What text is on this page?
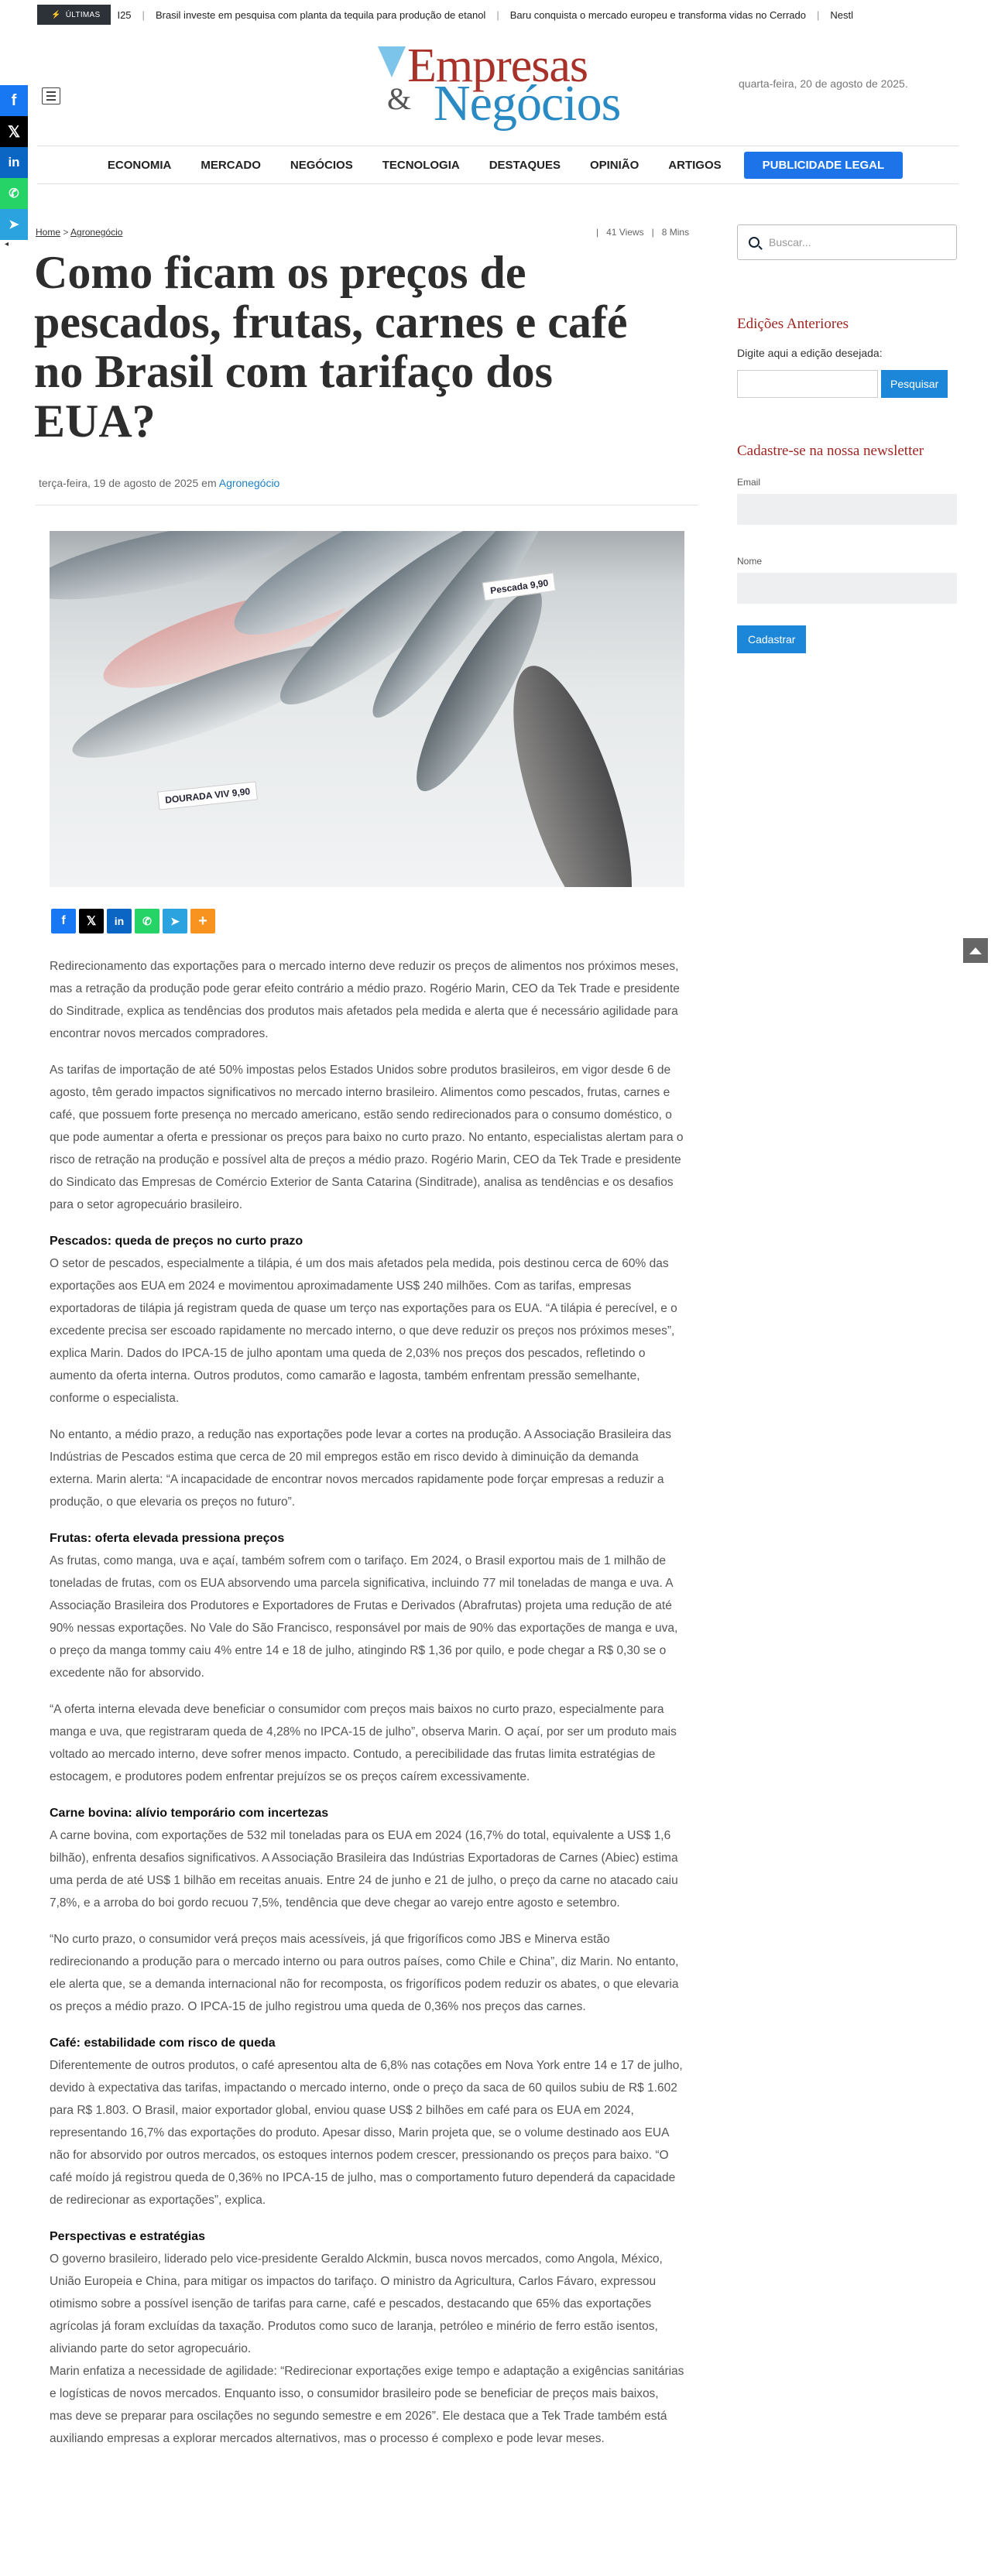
⚡ ÚLTIMAS I25 | Brasil investe em pesquisa com planta da tequila para produção de etanol | Baru conquista o mercado europeu e transforma vidas no Cerrado | Nestl
f
𝕏
in
✆
➤
◂
Empresas
& Negócios	quarta-feira, 20 de agosto de 2025.
ECONOMIA	MERCADO	NEGÓCIOS	TECNOLOGIA	DESTAQUES	OPINIÃO	ARTIGOS	PUBLICIDADE LEGAL
Home > Agronegócio	| 41 Views | 8 Mins
Como ficam os preços de pescados, frutas, carnes e café no Brasil com tarifaço dos EUA?
terça-feira, 19 de agosto de 2025 em Agronegócio
Pescada 9,90
DOURADA VIV 9,90
f	𝕏	in	✆	➤	+

Redirecionamento das exportações para o mercado interno deve reduzir os preços de alimentos nos próximos meses, mas a retração da produção pode gerar efeito contrário a médio prazo. Rogério Marin, CEO da Tek Trade e presidente do Sinditrade, explica as tendências dos produtos mais afetados pela medida e alerta que é necessário agilidade para encontrar novos mercados compradores.

As tarifas de importação de até 50% impostas pelos Estados Unidos sobre produtos brasileiros, em vigor desde 6 de agosto, têm gerado impactos significativos no mercado interno brasileiro. Alimentos como pescados, frutas, carnes e café, que possuem forte presença no mercado americano, estão sendo redirecionados para o consumo doméstico, o que pode aumentar a oferta e pressionar os preços para baixo no curto prazo. No entanto, especialistas alertam para o risco de retração na produção e possível alta de preços a médio prazo. Rogério Marin, CEO da Tek Trade e presidente do Sindicato das Empresas de Comércio Exterior de Santa Catarina (Sinditrade), analisa as tendências e os desafios para o setor agropecuário brasileiro.

Pescados: queda de preços no curto prazo

O setor de pescados, especialmente a tilápia, é um dos mais afetados pela medida, pois destinou cerca de 60% das exportações aos EUA em 2024 e movimentou aproximadamente US$ 240 milhões. Com as tarifas, empresas exportadoras de tilápia já registram queda de quase um terço nas exportações para os EUA. “A tilápia é perecível, e o excedente precisa ser escoado rapidamente no mercado interno, o que deve reduzir os preços nos próximos meses”, explica Marin. Dados do IPCA-15 de julho apontam uma queda de 2,03% nos preços dos pescados, refletindo o aumento da oferta interna. Outros produtos, como camarão e lagosta, também enfrentam pressão semelhante, conforme o especialista.

No entanto, a médio prazo, a redução nas exportações pode levar a cortes na produção. A Associação Brasileira das Indústrias de Pescados estima que cerca de 20 mil empregos estão em risco devido à diminuição da demanda externa. Marin alerta: “A incapacidade de encontrar novos mercados rapidamente pode forçar empresas a reduzir a produção, o que elevaria os preços no futuro”.

Frutas: oferta elevada pressiona preços

As frutas, como manga, uva e açaí, também sofrem com o tarifaço. Em 2024, o Brasil exportou mais de 1 milhão de toneladas de frutas, com os EUA absorvendo uma parcela significativa, incluindo 77 mil toneladas de manga e uva. A Associação Brasileira dos Produtores e Exportadores de Frutas e Derivados (Abrafrutas) projeta uma redução de até 90% nessas exportações. No Vale do São Francisco, responsável por mais de 90% das exportações de manga e uva, o preço da manga tommy caiu 4% entre 14 e 18 de julho, atingindo R$ 1,36 por quilo, e pode chegar a R$ 0,30 se o excedente não for absorvido.

“A oferta interna elevada deve beneficiar o consumidor com preços mais baixos no curto prazo, especialmente para manga e uva, que registraram queda de 4,28% no IPCA-15 de julho”, observa Marin. O açaí, por ser um produto mais voltado ao mercado interno, deve sofrer menos impacto. Contudo, a perecibilidade das frutas limita estratégias de estocagem, e produtores podem enfrentar prejuízos se os preços caírem excessivamente.

Carne bovina: alívio temporário com incertezas

A carne bovina, com exportações de 532 mil toneladas para os EUA em 2024 (16,7% do total, equivalente a US$ 1,6 bilhão), enfrenta desafios significativos. A Associação Brasileira das Indústrias Exportadoras de Carnes (Abiec) estima uma perda de até US$ 1 bilhão em receitas anuais. Entre 24 de junho e 21 de julho, o preço da carne no atacado caiu 7,8%, e a arroba do boi gordo recuou 7,5%, tendência que deve chegar ao varejo entre agosto e setembro.

“No curto prazo, o consumidor verá preços mais acessíveis, já que frigoríficos como JBS e Minerva estão redirecionando a produção para o mercado interno ou para outros países, como Chile e China”, diz Marin. No entanto, ele alerta que, se a demanda internacional não for recomposta, os frigoríficos podem reduzir os abates, o que elevaria os preços a médio prazo. O IPCA-15 de julho registrou uma queda de 0,36% nos preços das carnes.

Café: estabilidade com risco de queda

Diferentemente de outros produtos, o café apresentou alta de 6,8% nas cotações em Nova York entre 14 e 17 de julho, devido à expectativa das tarifas, impactando o mercado interno, onde o preço da saca de 60 quilos subiu de R$ 1.602 para R$ 1.803. O Brasil, maior exportador global, enviou quase US$ 2 bilhões em café para os EUA em 2024, representando 16,7% das exportações do produto. Apesar disso, Marin projeta que, se o volume destinado aos EUA não for absorvido por outros mercados, os estoques internos podem crescer, pressionando os preços para baixo. “O café moído já registrou queda de 0,36% no IPCA-15 de julho, mas o comportamento futuro dependerá da capacidade de redirecionar as exportações”, explica.

Perspectivas e estratégias

O governo brasileiro, liderado pelo vice-presidente Geraldo Alckmin, busca novos mercados, como Angola, México, União Europeia e China, para mitigar os impactos do tarifaço. O ministro da Agricultura, Carlos Fávaro, expressou otimismo sobre a possível isenção de tarifas para carne, café e pescados, destacando que 65% das exportações agrícolas já foram excluídas da taxação. Produtos como suco de laranja, petróleo e minério de ferro estão isentos, aliviando parte do setor agropecuário.
Marin enfatiza a necessidade de agilidade: “Redirecionar exportações exige tempo e adaptação a exigências sanitárias e logísticas de novos mercados. Enquanto isso, o consumidor brasileiro pode se beneficiar de preços mais baixos, mas deve se preparar para oscilações no segundo semestre e em 2026”. Ele destaca que a Tek Trade também está auxiliando empresas a explorar mercados alternativos, mas o processo é complexo e pode levar meses.

Buscar...
Edições Anteriores
Digite aqui a edição desejada:
Pesquisar
Cadastre-se na nossa newsletter
Email
Nome
Cadastrar
